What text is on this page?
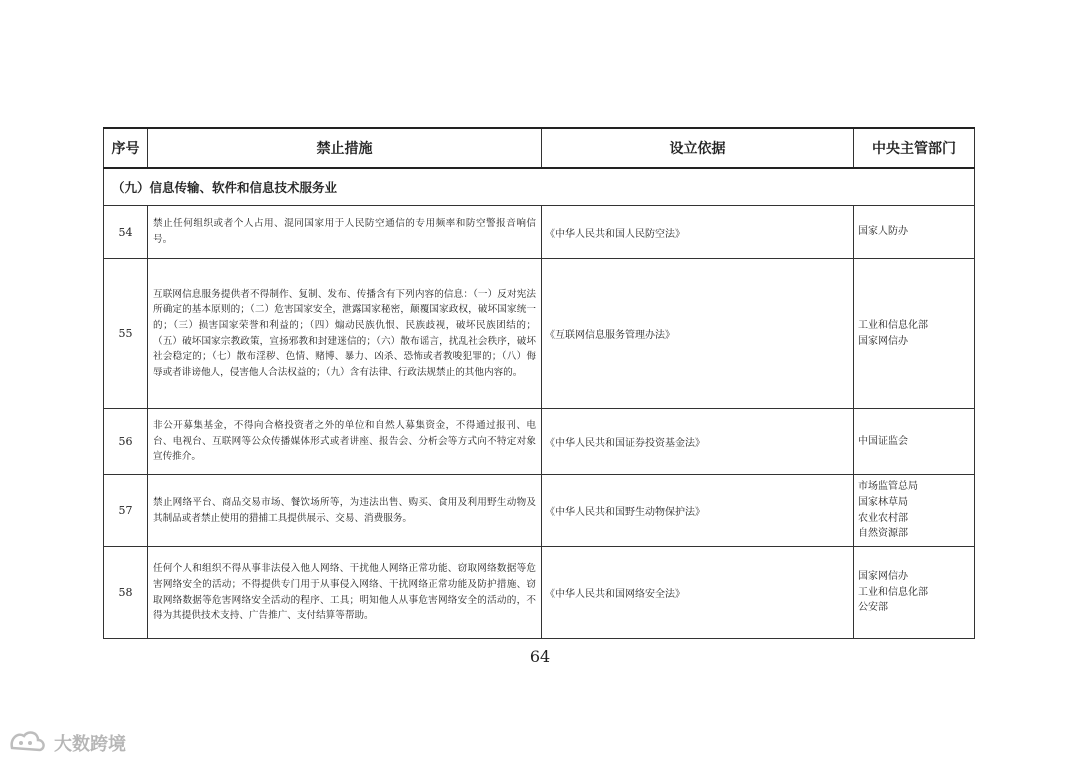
序号	禁止措施	设立依据	中央主管部门
（九）信息传输、软件和信息技术服务业			
54	禁止任何组织或者个人占用、混同国家用于人民防空通信的专用频率和防空警报音响信号。	《中华人民共和国人民防空法》	国家人防办

55	互联网信息服务提供者不得制作、复制、发布、传播含有下列内容的信息：（一）反对宪法所确定的基本原则的；（二）危害国家安全，泄露国家秘密，颠覆国家政权，破坏国家统一的；（三）损害国家荣誉和利益的；（四）煽动民族仇恨、民族歧视，破坏民族团结的；（五）破坏国家宗教政策，宣扬邪教和封建迷信的；（六）散布谣言，扰乱社会秩序，破坏社会稳定的；（七）散布淫秽、色情、赌博、暴力、凶杀、恐怖或者教唆犯罪的；（八）侮辱或者诽谤他人，侵害他人合法权益的；（九）含有法律、行政法规禁止的其他内容的。	《互联网信息服务管理办法》	工业和信息化部
国家网信办

56	非公开募集基金，不得向合格投资者之外的单位和自然人募集资金，不得通过报刊、电台、电视台、互联网等公众传播媒体形式或者讲座、报告会、分析会等方式向不特定对象宣传推介。	《中华人民共和国证券投资基金法》	中国证监会

57	禁止网络平台、商品交易市场、餐饮场所等，为违法出售、购买、食用及利用野生动物及其制品或者禁止使用的猎捕工具提供展示、交易、消费服务。	《中华人民共和国野生动物保护法》	市场监管总局
国家林草局
农业农村部
自然资源部

58	任何个人和组织不得从事非法侵入他人网络、干扰他人网络正常功能、窃取网络数据等危害网络安全的活动；不得提供专门用于从事侵入网络、干扰网络正常功能及防护措施、窃取网络数据等危害网络安全活动的程序、工具；明知他人从事危害网络安全的活动的，不得为其提供技术支持、广告推广、支付结算等帮助。	《中华人民共和国网络安全法》	国家网信办
工业和信息化部
公安部
64
大数跨境
